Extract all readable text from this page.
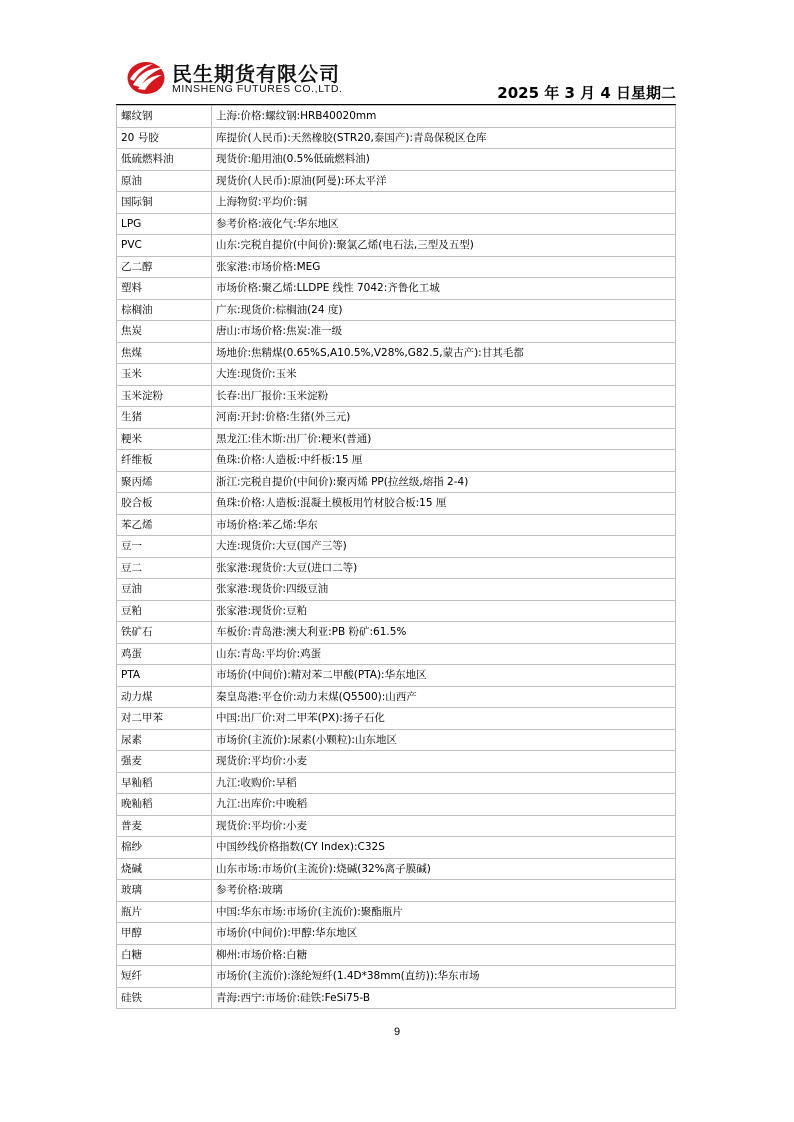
民生期货有限公司
MINSHENG FUTURES CO.,LTD.	2025 年 3 月 4 日星期二
螺纹钢	上海:价格:螺纹钢:HRB40020mm
20 号胶	库提价(人民币):天然橡胶(STR20,泰国产):青岛保税区仓库
低硫燃料油	现货价:船用油(0.5%低硫燃料油)
原油	现货价(人民币):原油(阿曼):环太平洋
国际铜	上海物贸:平均价:铜
LPG	参考价格:液化气:华东地区
PVC	山东:完税自提价(中间价):聚氯乙烯(电石法,三型及五型)
乙二醇	张家港:市场价格:MEG
塑料	市场价格:聚乙烯:LLDPE 线性 7042:齐鲁化工城
棕榈油	广东:现货价:棕榈油(24 度)
焦炭	唐山:市场价格:焦炭:准一级
焦煤	场地价:焦精煤(0.65%S,A10.5%,V28%,G82.5,蒙古产):甘其毛都
玉米	大连:现货价:玉米
玉米淀粉	长春:出厂报价:玉米淀粉
生猪	河南:开封:价格:生猪(外三元)
粳米	黑龙江:佳木斯:出厂价:粳米(普通)
纤维板	鱼珠:价格:人造板:中纤板:15 厘
聚丙烯	浙江:完税自提价(中间价):聚丙烯 PP(拉丝级,熔指 2-4)
胶合板	鱼珠:价格:人造板:混凝土模板用竹材胶合板:15 厘
苯乙烯	市场价格:苯乙烯:华东
豆一	大连:现货价:大豆(国产三等)
豆二	张家港:现货价:大豆(进口二等)
豆油	张家港:现货价:四级豆油
豆粕	张家港:现货价:豆粕
铁矿石	车板价:青岛港:澳大利亚:PB 粉矿:61.5%
鸡蛋	山东:青岛:平均价:鸡蛋
PTA	市场价(中间价):精对苯二甲酸(PTA):华东地区
动力煤	秦皇岛港:平仓价:动力末煤(Q5500):山西产
对二甲苯	中国:出厂价:对二甲苯(PX):扬子石化
尿素	市场价(主流价):尿素(小颗粒):山东地区
强麦	现货价:平均价:小麦
早籼稻	九江:收购价:早稻
晚籼稻	九江:出库价:中晚稻
普麦	现货价:平均价:小麦
棉纱	中国纱线价格指数(CY Index):C32S
烧碱	山东市场:市场价(主流价):烧碱(32%离子膜碱)
玻璃	参考价格:玻璃
瓶片	中国:华东市场:市场价(主流价):聚酯瓶片
甲醇	市场价(中间价):甲醇:华东地区
白糖	柳州:市场价格:白糖
短纤	市场价(主流价):涤纶短纤(1.4D*38mm(直纺)):华东市场
硅铁	青海:西宁:市场价:硅铁:FeSi75-B
9
